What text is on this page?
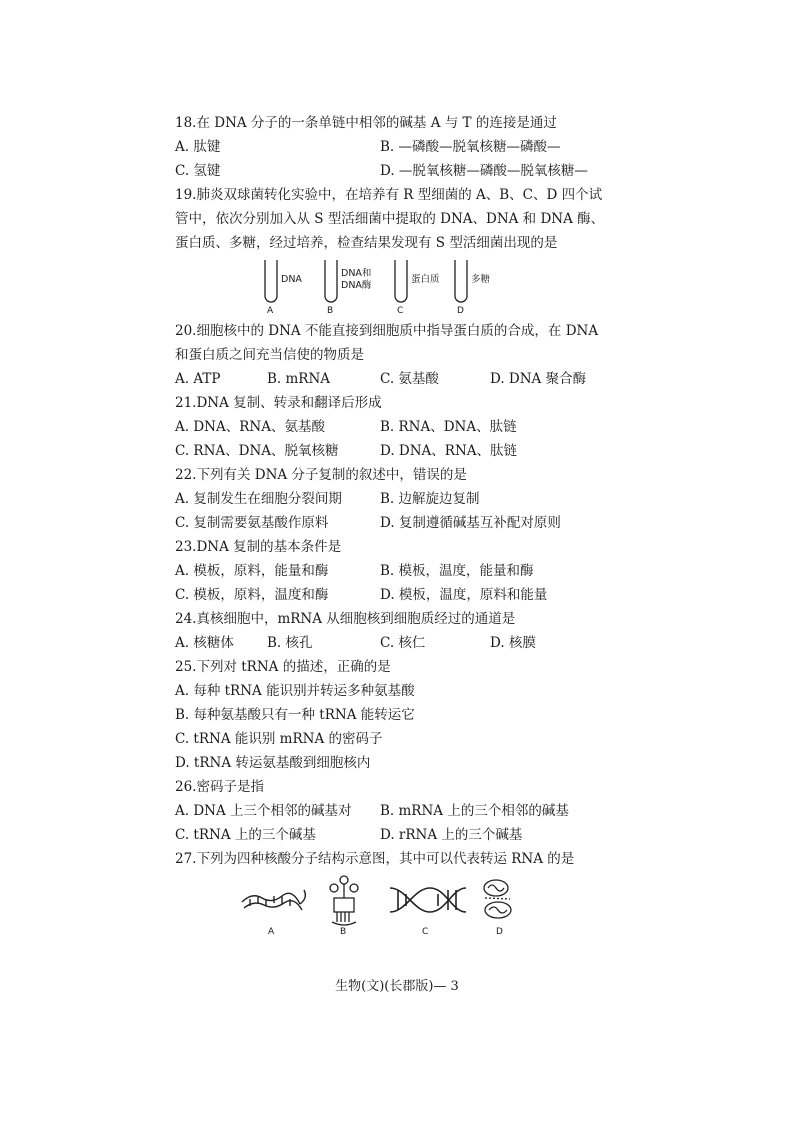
18.在 DNA 分子的一条单链中相邻的碱基 A 与 T 的连接是通过
A. 肽键	B. —磷酸—脱氧核糖—磷酸—
C. 氢键	D. —脱氧核糖—磷酸—脱氧核糖—
19.肺炎双球菌转化实验中，在培养有 R 型细菌的 A、B、C、D 四个试管中，依次分别加入从 S 型活细菌中提取的 DNA、DNA 和 DNA 酶、蛋白质、多糖，经过培养，检查结果发现有 S 型活细菌出现的是
DNA
DNA和
DNA酶
蛋白质	多糖
A	B	C	D
20.细胞核中的 DNA 不能直接到细胞质中指导蛋白质的合成，在 DNA 和蛋白质之间充当信使的物质是
A. ATP	B. mRNA	C. 氨基酸	D. DNA 聚合酶
21.DNA 复制、转录和翻译后形成
A. DNA、RNA、氨基酸	B. RNA、DNA、肽链
C. RNA、DNA、脱氧核糖	D. DNA、RNA、肽链
22.下列有关 DNA 分子复制的叙述中，错误的是
A. 复制发生在细胞分裂间期	B. 边解旋边复制
C. 复制需要氨基酸作原料	D. 复制遵循碱基互补配对原则
23.DNA 复制的基本条件是
A. 模板，原料，能量和酶	B. 模板，温度，能量和酶
C. 模板，原料，温度和酶	D. 模板，温度，原料和能量
24.真核细胞中，mRNA 从细胞核到细胞质经过的通道是
A. 核糖体 B. 核孔	C. 核仁	D. 核膜
25.下列对 tRNA 的描述，正确的是
A. 每种 tRNA 能识别并转运多种氨基酸
B. 每种氨基酸只有一种 tRNA 能转运它
C. tRNA 能识别 mRNA 的密码子
D. tRNA 转运氨基酸到细胞核内
26.密码子是指
A. DNA 上三个相邻的碱基对 B. mRNA 上的三个相邻的碱基
C. tRNA 上的三个碱基	D. rRNA 上的三个碱基
27.下列为四种核酸分子结构示意图，其中可以代表转运 RNA 的是
A	B	C	D
生物(文)(长郡版)— 3
